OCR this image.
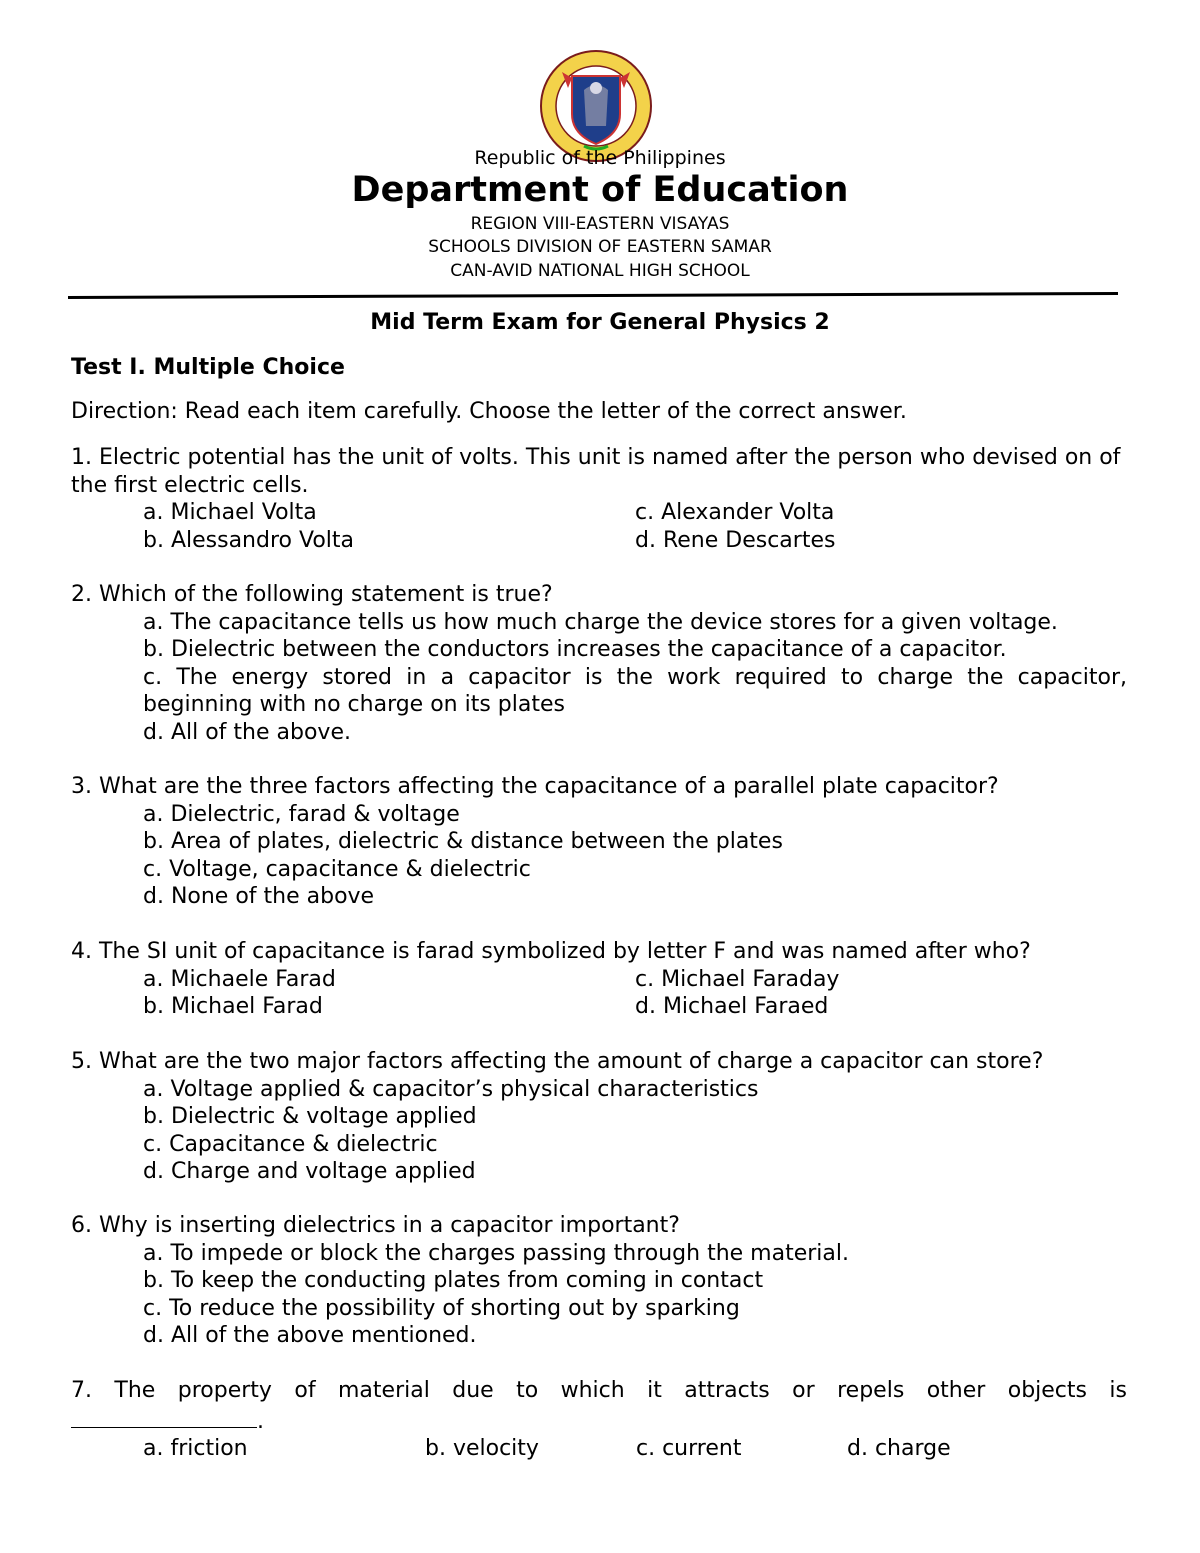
Republic of the Philippines
Department of Education
REGION VIII-EASTERN VISAYAS
SCHOOLS DIVISION OF EASTERN SAMAR
CAN-AVID NATIONAL HIGH SCHOOL
Mid Term Exam for General Physics 2
Test I. Multiple Choice
Direction: Read each item carefully. Choose the letter of the correct answer.
1. Electric potential has the unit of volts. This unit is named after the person who devised on of the first electric cells.
a. Michael Volta	c. Alexander Volta
b. Alessandro Volta	d. Rene Descartes
2. Which of the following statement is true?
a. The capacitance tells us how much charge the device stores for a given voltage.
b. Dielectric between the conductors increases the capacitance of a capacitor.
c. The energy stored in a capacitor is the work required to charge the capacitor,
beginning with no charge on its plates
d. All of the above.
3. What are the three factors affecting the capacitance of a parallel plate capacitor?
a. Dielectric, farad & voltage
b. Area of plates, dielectric & distance between the plates
c. Voltage, capacitance & dielectric
d. None of the above
4. The SI unit of capacitance is farad symbolized by letter F and was named after who?
a. Michaele Farad	c. Michael Faraday
b. Michael Farad	d. Michael Faraed
5. What are the two major factors affecting the amount of charge a capacitor can store?
a. Voltage applied & capacitor’s physical characteristics
b. Dielectric & voltage applied
c. Capacitance & dielectric
d. Charge and voltage applied
6. Why is inserting dielectrics in a capacitor important?
a. To impede or block the charges passing through the material.
b. To keep the conducting plates from coming in contact
c. To reduce the possibility of shorting out by sparking
d. All of the above mentioned.
7. The property of material due to which it attracts or repels other objects is
.
a. friction	b. velocity	c. current	d. charge
